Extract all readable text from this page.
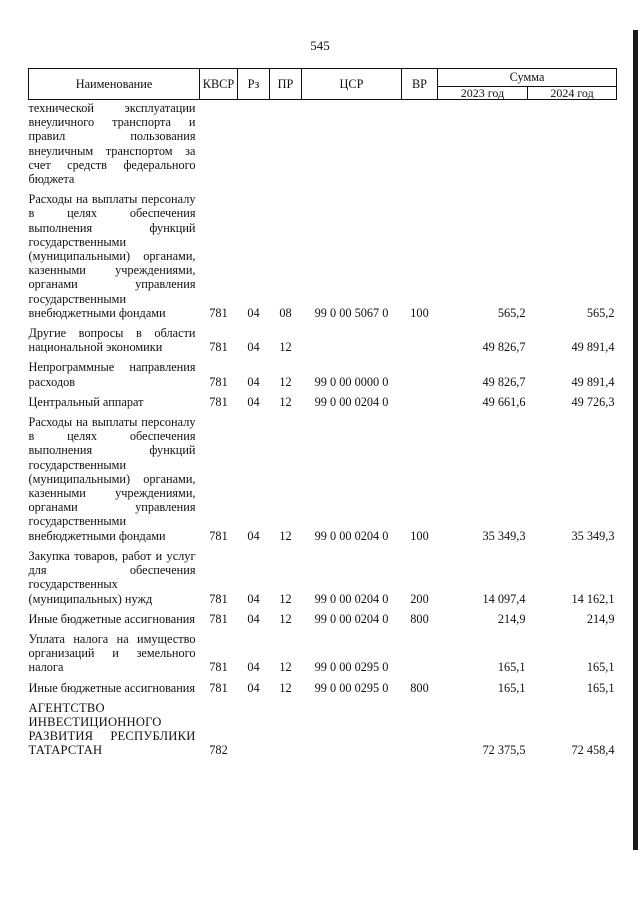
545
Наименование	КВСР	Рз	ПР	ЦСР	ВР	Сумма	
						2023 год	2024 год
технической эксплуатации внеуличного транспорта и правил пользования внеуличным транспортом за счет средств федерального бюджета							
Расходы на выплаты персоналу в целях обеспечения выполнения функций государственными (муниципальными) органами, казенными учреждениями, органами управления государственными внебюджетными фондами	781	04	08	99 0 00 5067 0	100	565,2	565,2
Другие вопросы в области национальной экономики	781	04	12			49 826,7	49 891,4
Непрограммные направления расходов	781	04	12	99 0 00 0000 0		49 826,7	49 891,4
Центральный аппарат	781	04	12	99 0 00 0204 0		49 661,6	49 726,3
Расходы на выплаты персоналу в целях обеспечения выполнения функций государственными (муниципальными) органами, казенными учреждениями, органами управления государственными внебюджетными фондами	781	04	12	99 0 00 0204 0	100	35 349,3	35 349,3
Закупка товаров, работ и услуг для обеспечения государственных (муниципальных) нужд	781	04	12	99 0 00 0204 0	200	14 097,4	14 162,1
Иные бюджетные ассигнования	781	04	12	99 0 00 0204 0	800	214,9	214,9
Уплата налога на имущество организаций и земельного налога	781	04	12	99 0 00 0295 0		165,1	165,1
Иные бюджетные ассигнования	781	04	12	99 0 00 0295 0	800	165,1	165,1
АГЕНТСТВО ИНВЕСТИЦИОННОГО РАЗВИТИЯ РЕСПУБЛИКИ ТАТАРСТАН	782					72 375,5	72 458,4
